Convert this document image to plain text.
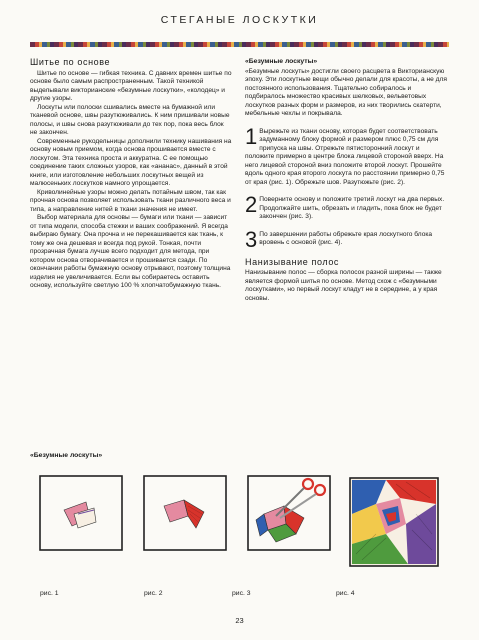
СТЕГАНЫЕ ЛОСКУТКИ
Шитье по основе

Шитье по основе — гибкая техника. С давних времен шитье по основе было самым распространенным. Такой техникой выделывали викторианские «безумные лоскутки», «колодец» и другие узоры.

Лоскуты или полоски сшивались вместе на бумажной или тканевой основе, швы разутюживались. К ним пришивали новые полосы, и швы снова разутюживали до тех пор, пока весь блок не закончен.

Современные рукодельницы дополнили технику нашивания на основу новым приемом, когда основа прошивается вместе с лоскутом. Эта техника проста и аккуратна. С ее помощью соединение таких сложных узоров, как «ананас», данный в этой книге, или изготовление небольших лоскутных вещей из малюсеньких лоскутков намного упрощается.

Криволинейные узоры можно делать потайным швом, так как прочная основа позволяет использовать ткани различного веса и типа, а направление нитей в ткани значения не имеет.

Выбор материала для основы — бумаги или ткани — зависит от типа модели, способа стежки и ваших соображений. Я всегда выбираю бумагу. Она прочна и не перекашивается как ткань, к тому же она дешевая и всегда под рукой. Тонкая, почти прозрачная бумага лучше всего подходит для метода, при котором основа отворачивается и прошивается сзади. По окончании работы бумажную основу отрывают, поэтому толщина изделия не увеличивается. Если вы собираетесь оставить основу, используйте светлую 100 % хлопчатобумажную ткань.

«Безумные лоскуты»

«Безумные лоскуты» достигли своего расцвета в Викторианскую эпоху. Эти лоскутные вещи обычно делали для красоты, а не для постоянного использования. Тщательно собиралось и подбиралось множество красивых шелковых, вельветовых лоскутков разных форм и размеров, из них творились скатерти, мебельные чехлы и покрывала.

1 Вырежьте из ткани основу, которая будет соответствовать задуманному блоку формой и размером плюс 0,75 см для припуска на швы. Отрежьте пятисторонний лоскут и положите примерно в центре блока лицевой стороной вверх. На него лицевой стороной вниз положите второй лоскут. Прошейте вдоль одного края второго лоскута по расстоянии примерно 0,75 от края (рис. 1). Обрежьте шов. Разутюжьте (рис. 2).

2 Поверните основу и положите третий лоскут на два первых. Продолжайте шить, обрезать и гладить, пока блок не будет закончен (рис. 3).

3 По завершении работы обрежьте края лоскутного блока вровень с основой (рис. 4).

Нанизывание полос

Нанизывание полос — сборка полосок разной ширины — также является формой шитья по основе. Метод схож с «безумными лоскутками», но первый лоскут кладут не в середине, а у края основы.

«Безумные лоскуты»
рис. 1	рис. 2	рис. 3	рис. 4
23
